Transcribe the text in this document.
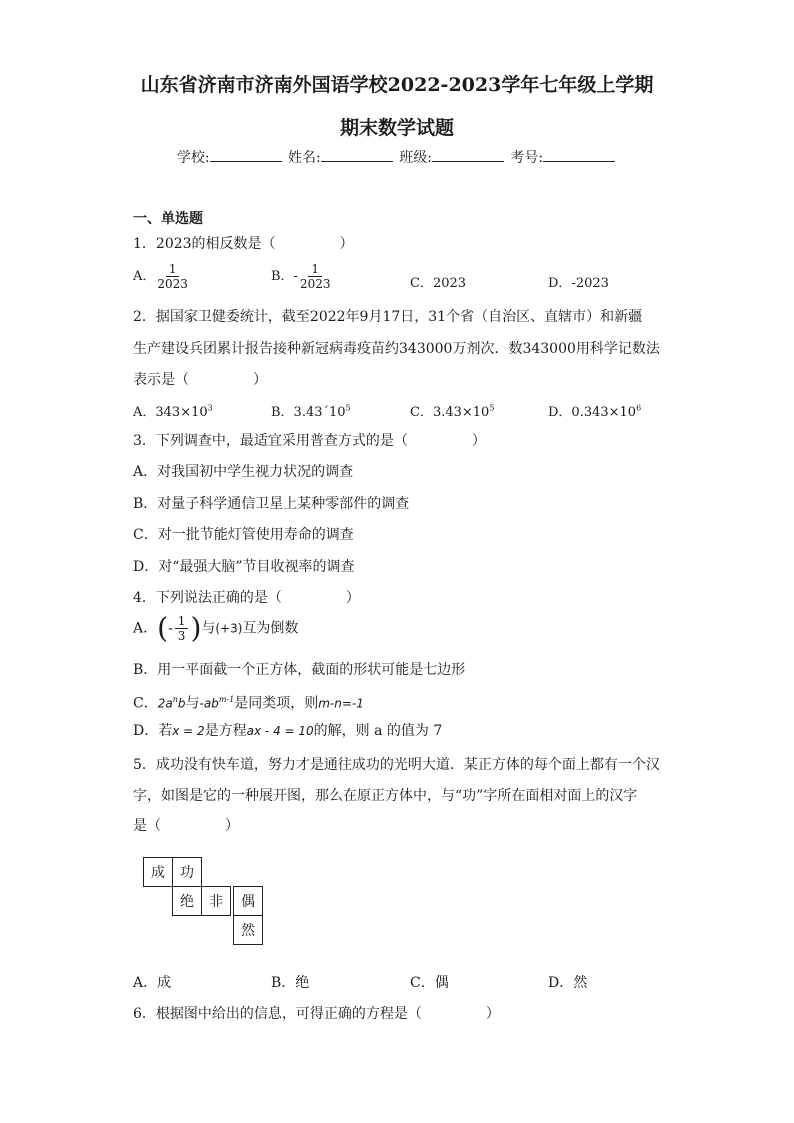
山东省济南市济南外国语学校2022-2023学年七年级上学期
期末数学试题
学校:	姓名:	班级:	考号:
一、单选题
1．2023的相反数是（	）
A． $\frac{1}{2023}$	B．- $\frac{1}{2023}$	C．2023	D．-2023
2．据国家卫健委统计，截至2022年9月17日，31个省（自治区、直辖市）和新疆
生产建设兵团累计报告接种新冠病毒疫苗约343000万剂次．数343000用科学记数法
表示是（	）
A．$343\times 10^3$	B．$3.43´10^5$	C．$3.43\times 10^5$	D．$0.343\times 10^6$
3．下列调查中，最适宜采用普查方式的是（	）
A．对我国初中学生视力状况的调查
B．对量子科学通信卫星上某种零部件的调查
C．对一批节能灯管使用寿命的调查
D．对“最强大脑”节目收视率的调查
4．下列说法正确的是（	）
A．(- $\frac{1}{3}$ )与(+3)互为倒数
B．用一平面截一个正方体，截面的形状可能是七边形
C．$2a^nb$与$-ab^{m-1}$是同类项，则m-n=-1
D．若x = 2是方程ax - 4 = 10的解，则 a 的值为 7
5．成功没有快车道，努力才是通往成功的光明大道．某正方体的每个面上都有一个汉
字，如图是它的一种展开图，那么在原正方体中，与“功”字所在面相对面上的汉字
是（	）
成	功
绝	非	偶
然
A．成	B．绝	C．偶	D．然
6．根据图中给出的信息，可得正确的方程是（	）
